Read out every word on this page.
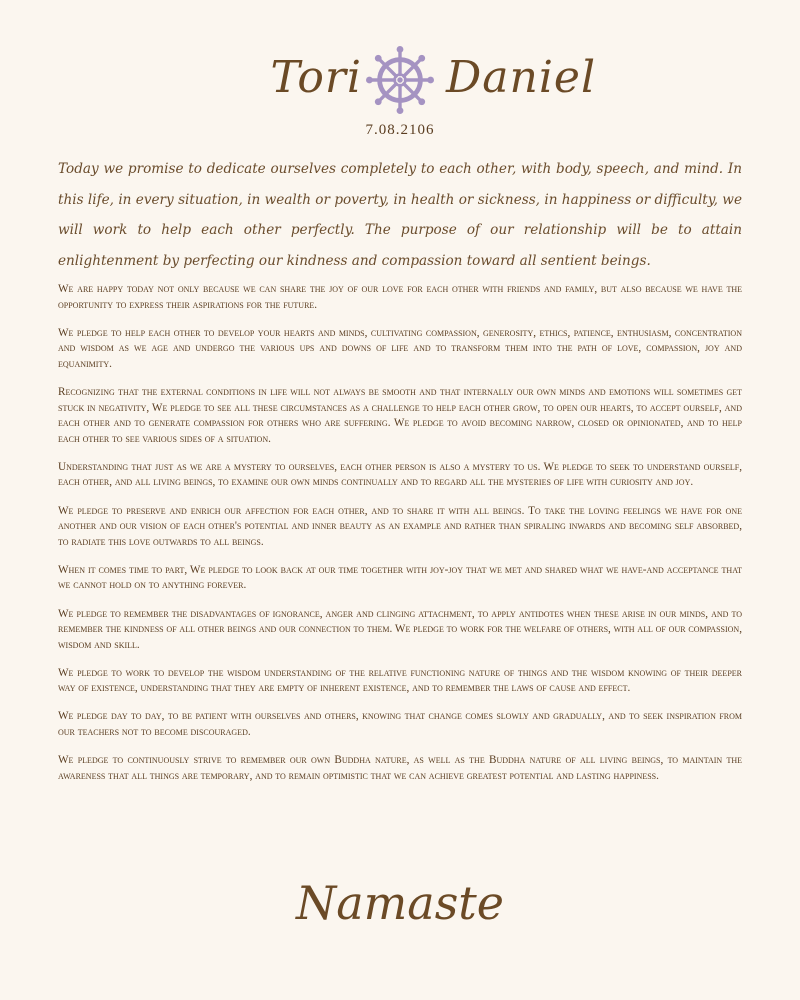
Tori Daniel
7.08.2106

Today we promise to dedicate ourselves completely to each other, with body, speech, and mind. In this life, in every situation, in wealth or poverty, in health or sickness, in happiness or difficulty, we will work to help each other perfectly. The purpose of our relationship will be to attain enlightenment by perfecting our kindness and compassion toward all sentient beings.

We are happy today not only because we can share the joy of our love for each other with friends and family, but also because we have the opportunity to express their aspirations for the future.

We pledge to help each other to develop your hearts and minds, cultivating compassion, generosity, ethics, patience, enthusiasm, concentration and wisdom as we age and undergo the various ups and downs of life and to transform them into the path of love, compassion, joy and equanimity.

Recognizing that the external conditions in life will not always be smooth and that internally our own minds and emotions will sometimes get stuck in negativity, We pledge to see all these circumstances as a challenge to help each other grow, to open our hearts, to accept ourself, and each other and to generate compassion for others who are suffering. We pledge to avoid becoming narrow, closed or opinionated, and to help each other to see various sides of a situation.

Understanding that just as we are a mystery to ourselves, each other person is also a mystery to us. We pledge to seek to understand ourself, each other, and all living beings, to examine our own minds continually and to regard all the mysteries of life with curiosity and joy.

We pledge to preserve and enrich our affection for each other, and to share it with all beings. To take the loving feelings we have for one another and our vision of each other's potential and inner beauty as an example and rather than spiraling inwards and becoming self absorbed, to radiate this love outwards to all beings.

When it comes time to part, We pledge to look back at our time together with joy-joy that we met and shared what we have-and acceptance that we cannot hold on to anything forever.

We pledge to remember the disadvantages of ignorance, anger and clinging attachment, to apply antidotes when these arise in our minds, and to remember the kindness of all other beings and our connection to them. We pledge to work for the welfare of others, with all of our compassion, wisdom and skill.

We pledge to work to develop the wisdom understanding of the relative functioning nature of things and the wisdom knowing of their deeper way of existence, understanding that they are empty of inherent existence, and to remember the laws of cause and effect.

We pledge day to day, to be patient with ourselves and others, knowing that change comes slowly and gradually, and to seek inspiration from our teachers not to become discouraged.

We pledge to continuously strive to remember our own Buddha nature, as well as the Buddha nature of all living beings, to maintain the awareness that all things are temporary, and to remain optimistic that we can achieve greatest potential and lasting happiness.

Namaste
